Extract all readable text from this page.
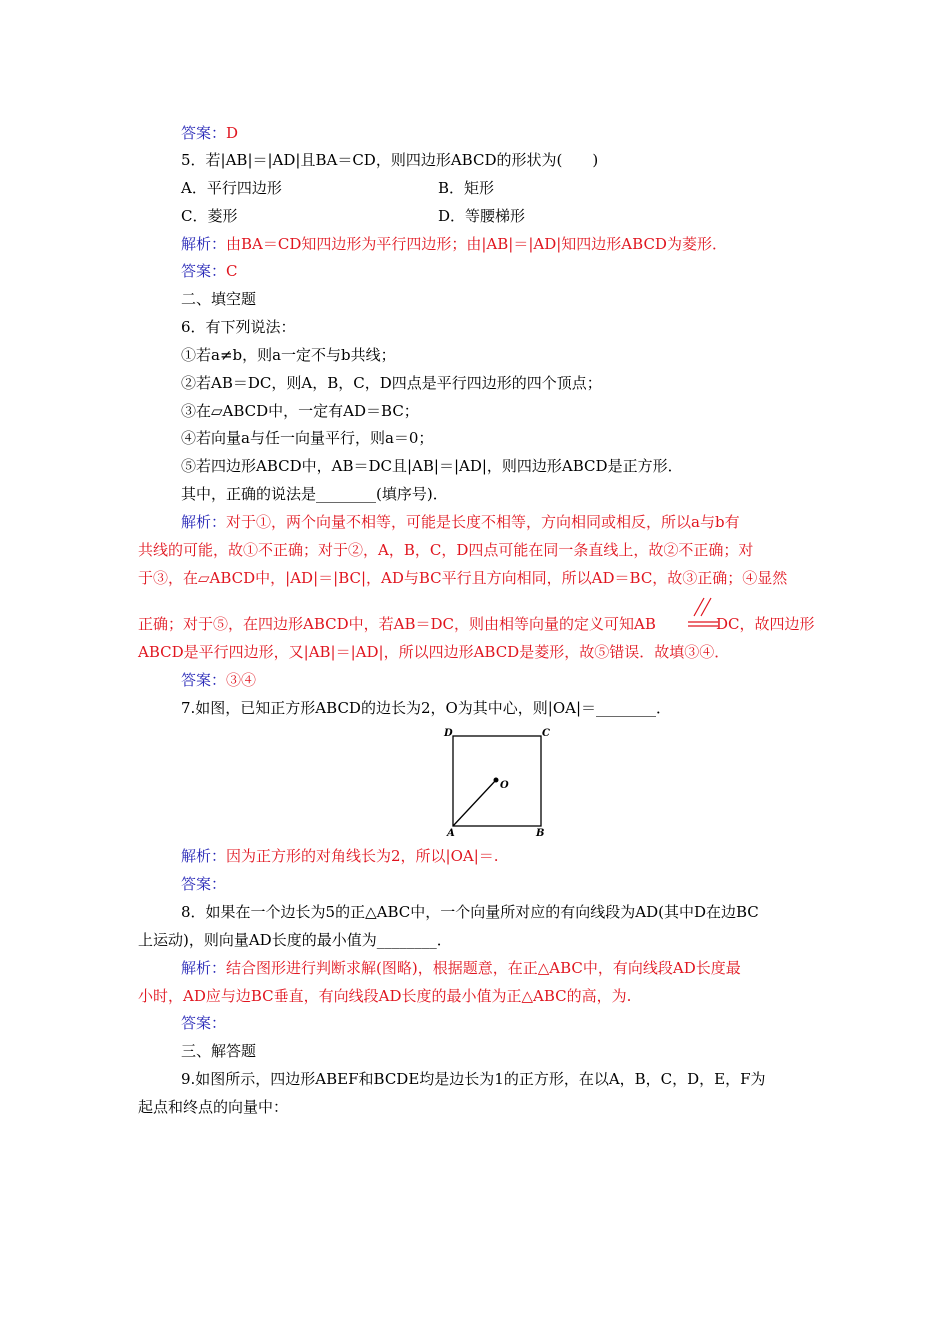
答案：D
5．若|AB|＝|AD|且BA＝CD，则四边形ABCD的形状为(　　)
A．平行四边形	B．矩形
C．菱形	D．等腰梯形
解析：由BA＝CD知四边形为平行四边形；由|AB|＝|AD|知四边形ABCD为菱形．
答案：C
二、填空题
6．有下列说法：
①若a≠b，则a一定不与b共线；
②若AB＝DC，则A，B，C，D四点是平行四边形的四个顶点；
③在▱ABCD中，一定有AD＝BC；
④若向量a与任一向量平行，则a＝0；
⑤若四边形ABCD中，AB＝DC且|AB|＝|AD|，则四边形ABCD是正方形．
其中，正确的说法是________(填序号)．
解析：对于①，两个向量不相等，可能是长度不相等，方向相同或相反，所以a与b有
共线的可能，故①不正确；对于②，A，B，C，D四点可能在同一条直线上，故②不正确；对
于③，在▱ABCD中，|AD|＝|BC|，AD与BC平行且方向相同，所以AD＝BC，故③正确；④显然
正确；对于⑤，在四边形ABCD中，若AB＝DC，则由相等向量的定义可知AB	DC，故四边形
ABCD是平行四边形，又|AB|＝|AD|，所以四边形ABCD是菱形，故⑤错误．故填③④．
答案：③④
7.如图，已知正方形ABCD的边长为2，O为其中心，则|OA|＝________．
D	C
O
A	B
解析：因为正方形的对角线长为2，所以|OA|＝.
答案：
8．如果在一个边长为5的正△ABC中，一个向量所对应的有向线段为AD(其中D在边BC
上运动)，则向量AD长度的最小值为________．
解析：结合图形进行判断求解(图略)，根据题意，在正△ABC中，有向线段AD长度最
小时，AD应与边BC垂直，有向线段AD长度的最小值为正△ABC的高，为.
答案：
三、解答题
9.如图所示，四边形ABEF和BCDE均是边长为1的正方形，在以A，B，C，D，E，F为
起点和终点的向量中：
